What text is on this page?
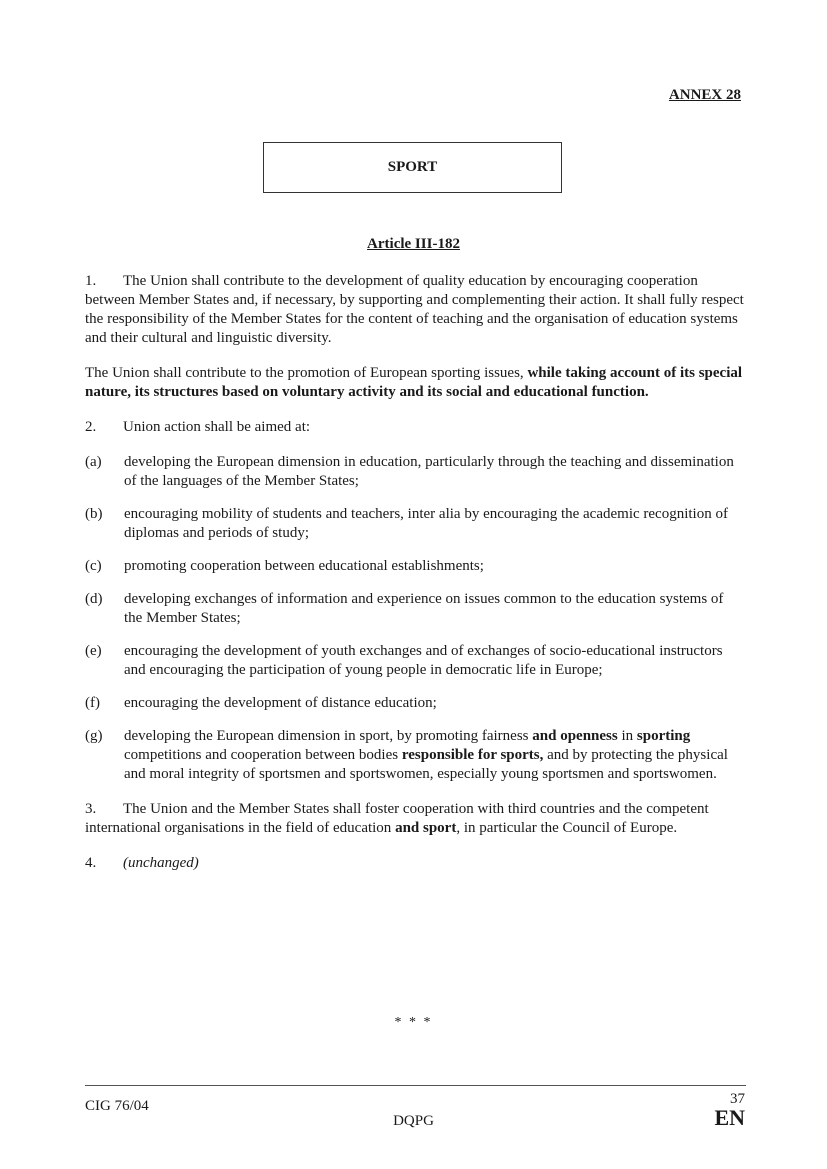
ANNEX 28
SPORT
Article III-182

1. The Union shall contribute to the development of quality education by encouraging cooperation between Member States and, if necessary, by supporting and complementing their action. It shall fully respect the responsibility of the Member States for the content of teaching and the organisation of education systems and their cultural and linguistic diversity.

The Union shall contribute to the promotion of European sporting issues, while taking account of its special nature, its structures based on voluntary activity and its social and educational function.

2. Union action shall be aimed at:

(a)	developing the European dimension in education, particularly through the teaching and dissemination of the languages of the Member States;
(b)	encouraging mobility of students and teachers, inter alia by encouraging the academic recognition of diplomas and periods of study;
(c)	promoting cooperation between educational establishments;
(d)	developing exchanges of information and experience on issues common to the education systems of the Member States;
(e)	encouraging the development of youth exchanges and of exchanges of socio-educational instructors and encouraging the participation of young people in democratic life in Europe;
(f)	encouraging the development of distance education;
(g)	developing the European dimension in sport, by promoting fairness and openness in sporting competitions and cooperation between bodies responsible for sports, and by protecting the physical and moral integrity of sportsmen and sportswomen, especially young sportsmen and sportswomen.

3. The Union and the Member States shall foster cooperation with third countries and the competent international organisations in the field of education and sport, in particular the Council of Europe.

4. (unchanged)

* * *
CIG 76/04
DQPG
37
EN
